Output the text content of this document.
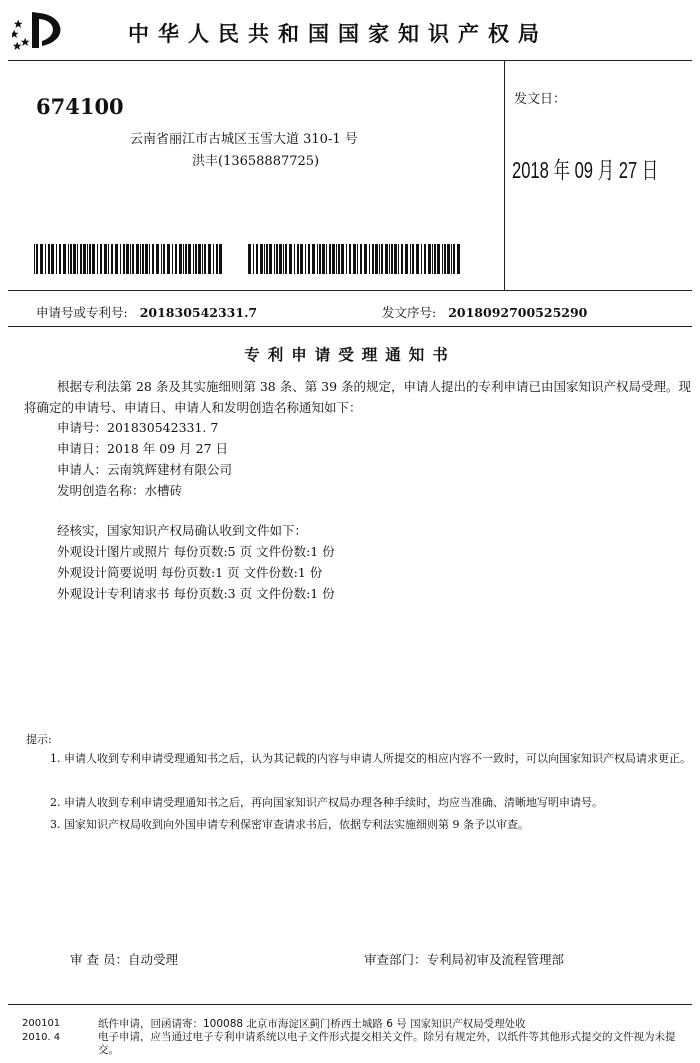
中华人民共和国国家知识产权局
674100
云南省丽江市古城区玉雪大道 310-1 号
洪丰(13658887725)
发文日：
2018 年 09 月 27 日
申请号或专利号: 201830542331.7	发文序号: 2018092700525290
专利申请受理通知书
根据专利法第 28 条及其实施细则第 38 条、第 39 条的规定，申请人提出的专利申请已由国家知识产权局受理。现将确定的申请号、申请日、申请人和发明创造名称通知如下：
申请号：201830542331. 7
申请日：2018 年 09 月 27 日
申请人：云南筑辉建材有限公司
发明创造名称：水槽砖
经核实，国家知识产权局确认收到文件如下：
外观设计图片或照片 每份页数:5 页 文件份数:1 份
外观设计简要说明 每份页数:1 页 文件份数:1 份
外观设计专利请求书 每份页数:3 页 文件份数:1 份
提示:
1. 申请人收到专利申请受理通知书之后，认为其记载的内容与申请人所提交的相应内容不一致时，可以向国家知识产权局请求更正。
2. 申请人收到专利申请受理通知书之后，再向国家知识产权局办理各种手续时，均应当准确、清晰地写明申请号。
3. 国家知识产权局收到向外国申请专利保密审查请求书后，依据专利法实施细则第 9 条予以审查。
审 查 员：自动受理	审查部门：专利局初审及流程管理部
200101
2010. 4
纸件申请，回函请寄：100088 北京市海淀区蓟门桥西土城路 6 号 国家知识产权局受理处收
电子申请，应当通过电子专利申请系统以电子文件形式提交相关文件。除另有规定外，以纸件等其他形式提交的文件视为未提交。
